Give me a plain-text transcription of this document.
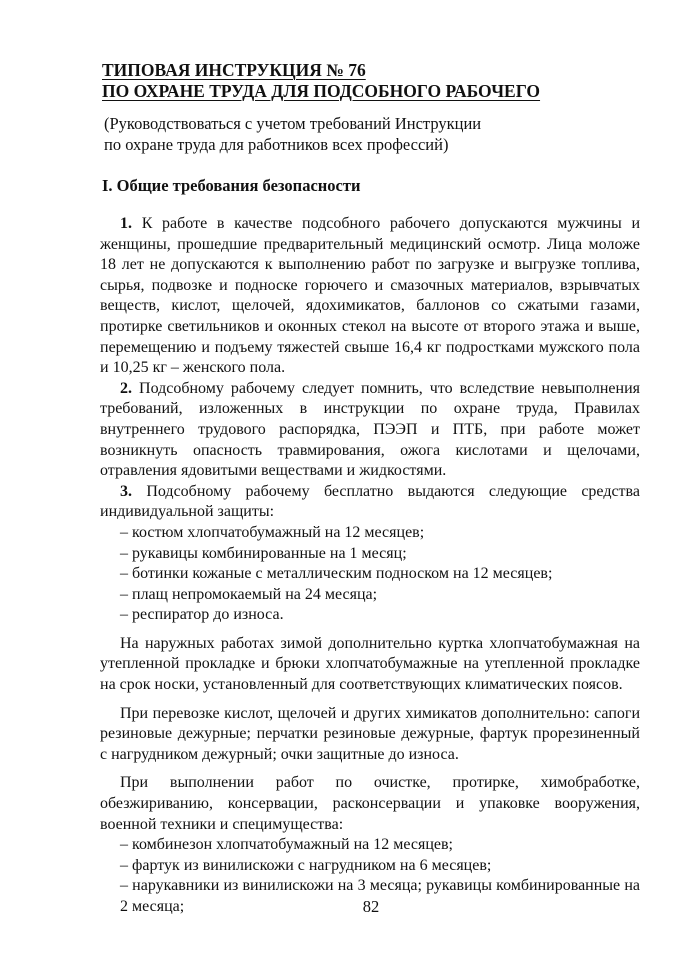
ТИПОВАЯ ИНСТРУКЦИЯ № 76

ПО ОХРАНЕ ТРУДА ДЛЯ ПОДСОБНОГО РАБОЧЕГО

(Руководствоваться с учетом требований Инструкции
по охране труда для работников всех профессий)
I. Общие требования безопасности

1. К работе в качестве подсобного рабочего допускаются мужчины и женщины, прошедшие предварительный медицинский осмотр. Лица моложе 18 лет не допускаются к выполнению работ по загрузке и выгрузке топлива, сырья, подвозке и подноске горючего и смазочных материалов, взрывчатых веществ, кислот, щелочей, ядохимикатов, баллонов со сжатыми газами, протирке светильников и оконных стекол на высоте от второго этажа и выше, перемещению и подъему тяжестей свыше 16,4 кг подростками мужского пола и 10,25 кг – женского пола.

2. Подсобному рабочему следует помнить, что вследствие невыполнения требований, изложенных в инструкции по охране труда, Правилах внутреннего трудового распорядка, ПЭЭП и ПТБ, при работе может возникнуть опасность травмирования, ожога кислотами и щелочами, отравления ядовитыми веществами и жидкостями.

3. Подсобному рабочему бесплатно выдаются следующие средства индивидуальной защиты:

– костюм хлопчатобумажный на 12 месяцев;

– рукавицы комбинированные на 1 месяц;

– ботинки кожаные с металлическим подноском на 12 месяцев;

– плащ непромокаемый на 24 месяца;

– респиратор до износа.

На наружных работах зимой дополнительно куртка хлопчатобумажная на утепленной прокладке и брюки хлопчатобумажные на утепленной прокладке на срок носки, установленный для соответствующих климатических поясов.

При перевозке кислот, щелочей и других химикатов дополнительно: сапоги резиновые дежурные; перчатки резиновые дежурные, фартук прорезиненный с нагрудником дежурный; очки защитные до износа.

При выполнении работ по очистке, протирке, химобработке, обезжириванию, консервации, расконсервации и упаковке вооружения, военной техники и специмущества:

– комбинезон хлопчатобумажный на 12 месяцев;

– фартук из винилискожи с нагрудником на 6 месяцев;

– нарукавники из винилискожи на 3 месяца; рукавицы комбинированные на 2 месяца;	82
